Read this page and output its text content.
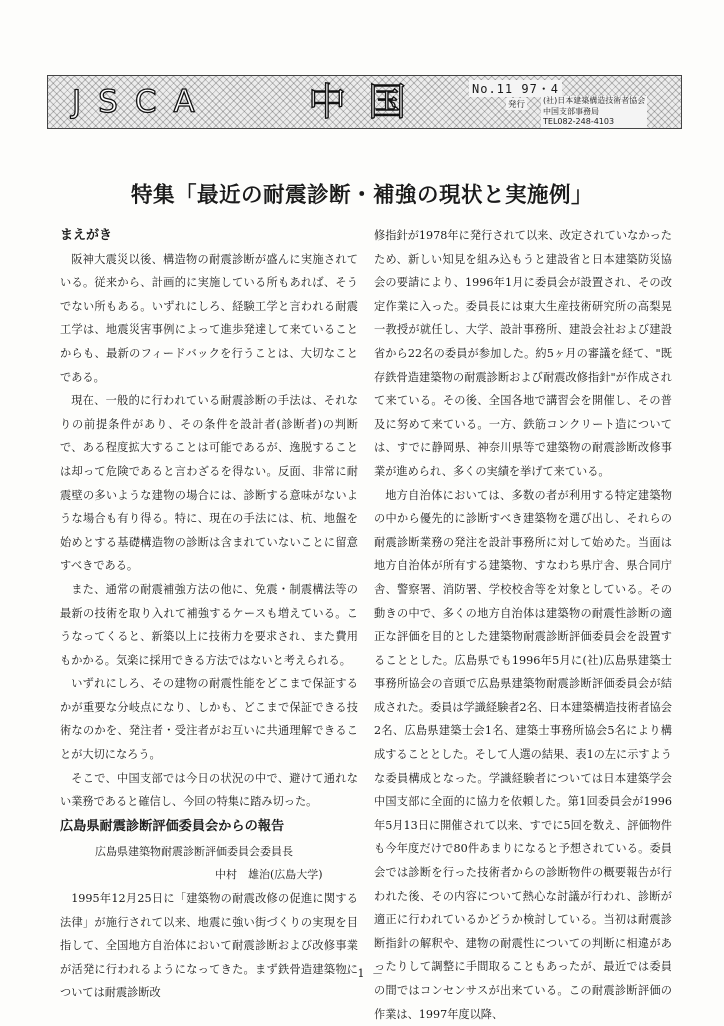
JSCA	中国	No.11 97・4
発行 (社)日本建築構造技術者協会
中国支部事務局
TEL082-248-4103
特集「最近の耐震診断・補強の現状と実施例」

まえがき

阪神大震災以後、構造物の耐震診断が盛んに実施されている。従来から、計画的に実施している所もあれば、そうでない所もある。いずれにしろ、経験工学と言われる耐震工学は、地震災害事例によって進歩発達して来ていることからも、最新のフィードバックを行うことは、大切なことである。

現在、一般的に行われている耐震診断の手法は、それなりの前提条件があり、その条件を設計者(診断者)の判断で、ある程度拡大することは可能であるが、逸脱することは却って危険であると言わざるを得ない。反面、非常に耐震壁の多いような建物の場合には、診断する意味がないような場合も有り得る。特に、現在の手法には、杭、地盤を始めとする基礎構造物の診断は含まれていないことに留意すべきである。

また、通常の耐震補強方法の他に、免震・制震構法等の最新の技術を取り入れて補強するケースも増えている。こうなってくると、新築以上に技術力を要求され、また費用もかかる。気楽に採用できる方法ではないと考えられる。

いずれにしろ、その建物の耐震性能をどこまで保証するかが重要な分岐点になり、しかも、どこまで保証できる技術なのかを、発注者・受注者がお互いに共通理解できることが大切になろう。

そこで、中国支部では今日の状況の中で、避けて通れない業務であると確信し、今回の特集に踏み切った。

広島県耐震診断評価委員会からの報告

広島県建築物耐震診断評価委員会委員長

中村　雄治(広島大学)

1995年12月25日に「建築物の耐震改修の促進に関する法律」が施行されて以来、地震に強い街づくりの実現を目指して、全国地方自治体において耐震診断および改修事業が活発に行われるようになってきた。まず鉄骨造建築物については耐震診断改

修指針が1978年に発行されて以来、改定されていなかったため、新しい知見を組み込もうと建設省と日本建築防災協会の要請により、1996年1月に委員会が設置され、その改定作業に入った。委員長には東大生産技術研究所の高梨晃一教授が就任し、大学、設計事務所、建設会社および建設省から22名の委員が参加した。約5ヶ月の審議を経て、"既存鉄骨造建築物の耐震診断および耐震改修指針"が作成されて来ている。その後、全国各地で講習会を開催し、その普及に努めて来ている。一方、鉄筋コンクリート造については、すでに静岡県、神奈川県等で建築物の耐震診断改修事業が進められ、多くの実績を挙げて来ている。

地方自治体においては、多数の者が利用する特定建築物の中から優先的に診断すべき建築物を選び出し、それらの耐震診断業務の発注を設計事務所に対して始めた。当面は地方自治体が所有する建築物、すなわち県庁舎、県合同庁舎、警察署、消防署、学校校舎等を対象としている。その動きの中で、多くの地方自治体は建築物の耐震性診断の適正な評価を目的とした建築物耐震診断評価委員会を設置することとした。広島県でも1996年5月に(社)広島県建築士事務所協会の音頭で広島県建築物耐震診断評価委員会が結成された。委員は学識経験者2名、日本建築構造技術者協会2名、広島県建築士会1名、建築士事務所協会5名により構成することとした。そして人選の結果、表1の左に示すような委員構成となった。学識経験者については日本建築学会中国支部に全面的に協力を依頼した。第1回委員会が1996年5月13日に開催されて以来、すでに5回を数え、評価物件も今年度だけで80件あまりになると予想されている。委員会では診断を行った技術者からの診断物件の概要報告が行われた後、その内容について熱心な討議が行われ、診断が適正に行われているかどうか検討している。当初は耐震診断指針の解釈や、建物の耐震性についての判断に相違があったりして調整に手間取ることもあったが、最近では委員の間ではコンセンサスが出来ている。この耐震診断評価の作業は、1997年度以降、

－ 1 －
